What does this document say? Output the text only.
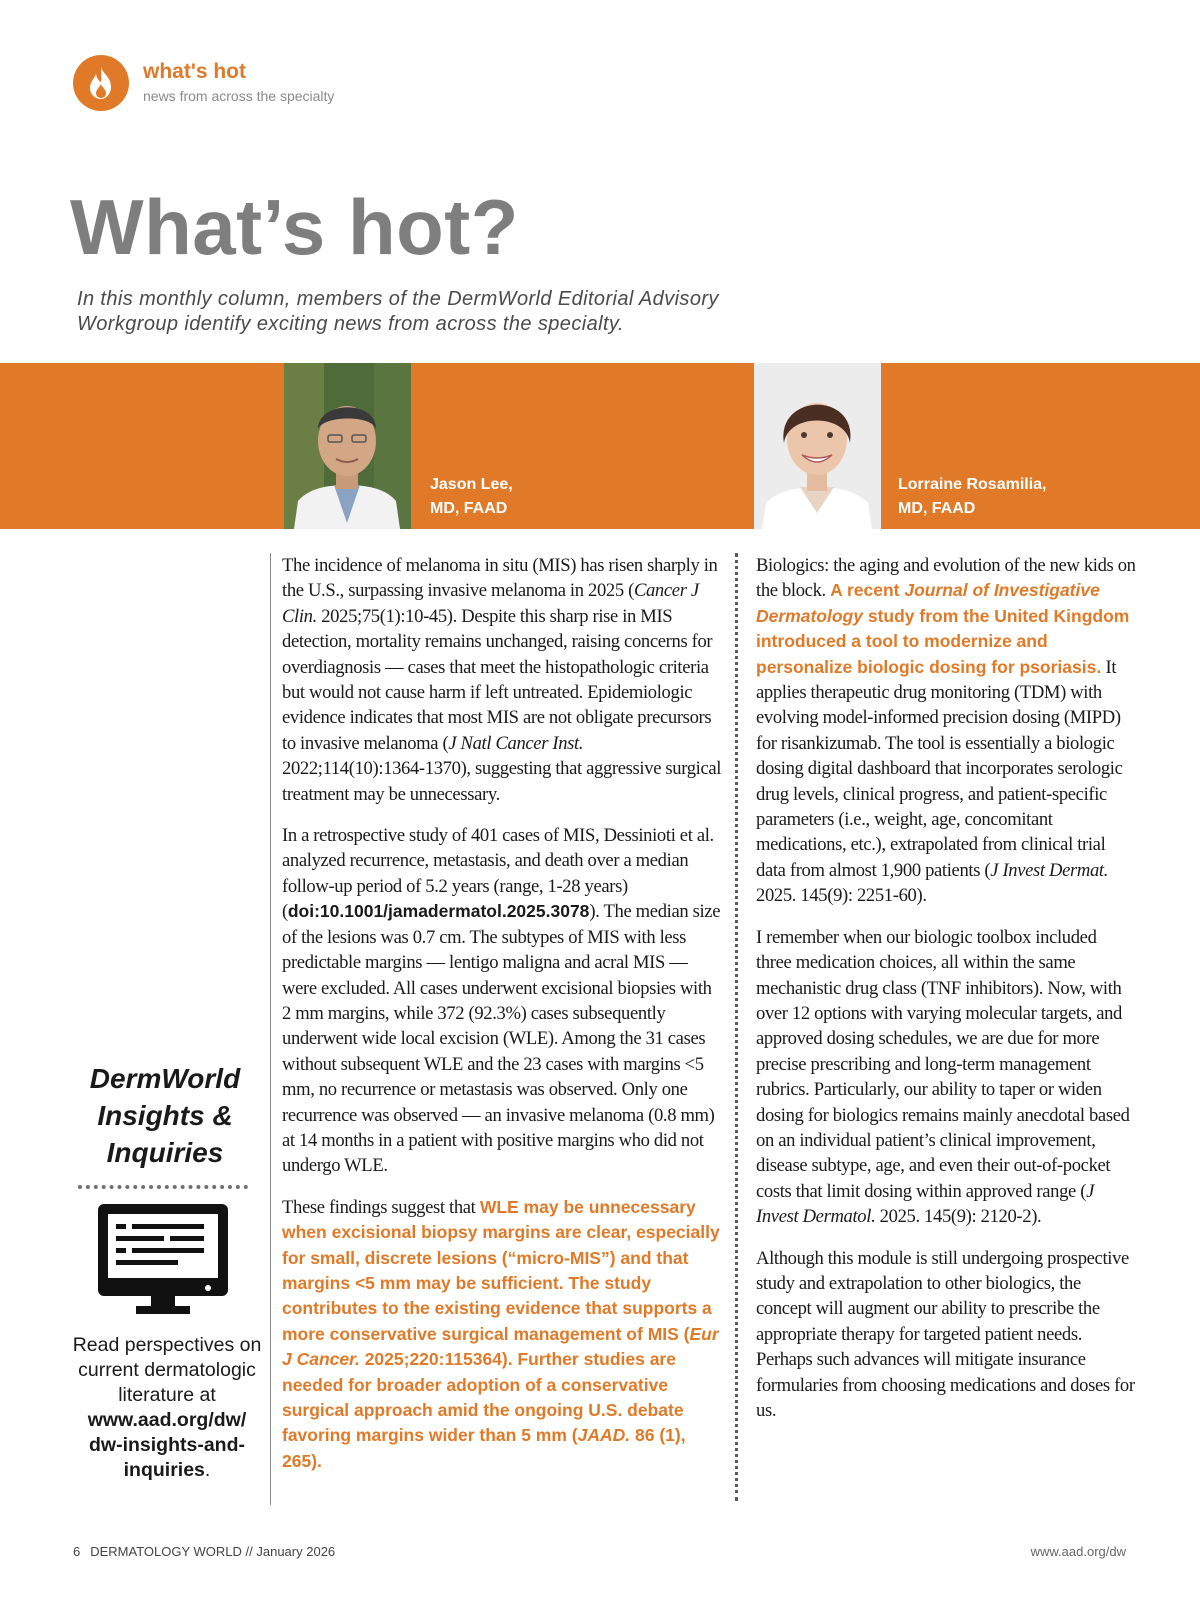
what's hot
news from across the specialty
What’s hot?
In this monthly column, members of the DermWorld Editorial Advisory Workgroup identify exciting news from across the specialty.
Jason Lee,
MD, FAAD
Lorraine Rosamilia,
MD, FAAD
DermWorld Insights & Inquiries
Read perspectives on current dermatologic literature at
www.aad.org/dw/
dw-insights-and-
inquiries.

The incidence of melanoma in situ (MIS) has risen sharply in the U.S., surpassing invasive melanoma in 2025 (Cancer J Clin. 2025;75(1):10-45). Despite this sharp rise in MIS detection, mortality remains unchanged, raising concerns for overdiagnosis — cases that meet the histopathologic criteria but would not cause harm if left untreated. Epidemiologic evidence indicates that most MIS are not obligate precursors to invasive melanoma (J Natl Cancer Inst. 2022;114(10):1364-1370), suggesting that aggressive surgical treatment may be unnecessary.

In a retrospective study of 401 cases of MIS, Dessinioti et al. analyzed recurrence, metastasis, and death over a median follow-up period of 5.2 years (range, 1-28 years) (doi:10.1001/jamadermatol.2025.3078). The median size of the lesions was 0.7 cm. The subtypes of MIS with less predictable margins — lentigo maligna and acral MIS — were excluded. All cases underwent excisional biopsies with 2 mm margins, while 372 (92.3%) cases subsequently underwent wide local excision (WLE). Among the 31 cases without subsequent WLE and the 23 cases with margins <5 mm, no recurrence or metastasis was observed. Only one recurrence was observed — an invasive melanoma (0.8 mm) at 14 months in a patient with positive margins who did not undergo WLE.

These findings suggest that WLE may be unnecessary when excisional biopsy margins are clear, especially for small, discrete lesions (“micro-MIS”) and that margins <5 mm may be sufficient. The study contributes to the existing evidence that supports a more conservative surgical management of MIS (Eur J Cancer. 2025;220:115364). Further studies are needed for broader adoption of a conservative surgical approach amid the ongoing U.S. debate favoring margins wider than 5 mm (JAAD. 86 (1), 265).

Biologics: the aging and evolution of the new kids on the block. A recent Journal of Investigative Dermatology study from the United Kingdom introduced a tool to modernize and personalize biologic dosing for psoriasis. It applies therapeutic drug monitoring (TDM) with evolving model-informed precision dosing (MIPD) for risankizumab. The tool is essentially a biologic dosing digital dashboard that incorporates serologic drug levels, clinical progress, and patient-specific parameters (i.e., weight, age, concomitant medications, etc.), extrapolated from clinical trial data from almost 1,900 patients (J Invest Dermat. 2025. 145(9): 2251-60).

I remember when our biologic toolbox included three medication choices, all within the same mechanistic drug class (TNF inhibitors). Now, with over 12 options with varying molecular targets, and approved dosing schedules, we are due for more precise prescribing and long-term management rubrics. Particularly, our ability to taper or widen dosing for biologics remains mainly anecdotal based on an individual patient’s clinical improvement, disease subtype, age, and even their out-of-pocket costs that limit dosing within approved range (J Invest Dermatol. 2025. 145(9): 2120-2).

Although this module is still undergoing prospective study and extrapolation to other biologics, the concept will augment our ability to prescribe the appropriate therapy for targeted patient needs. Perhaps such advances will mitigate insurance formularies from choosing medications and doses for us.

6 DERMATOLOGY WORLD // January 2026	www.aad.org/dw
